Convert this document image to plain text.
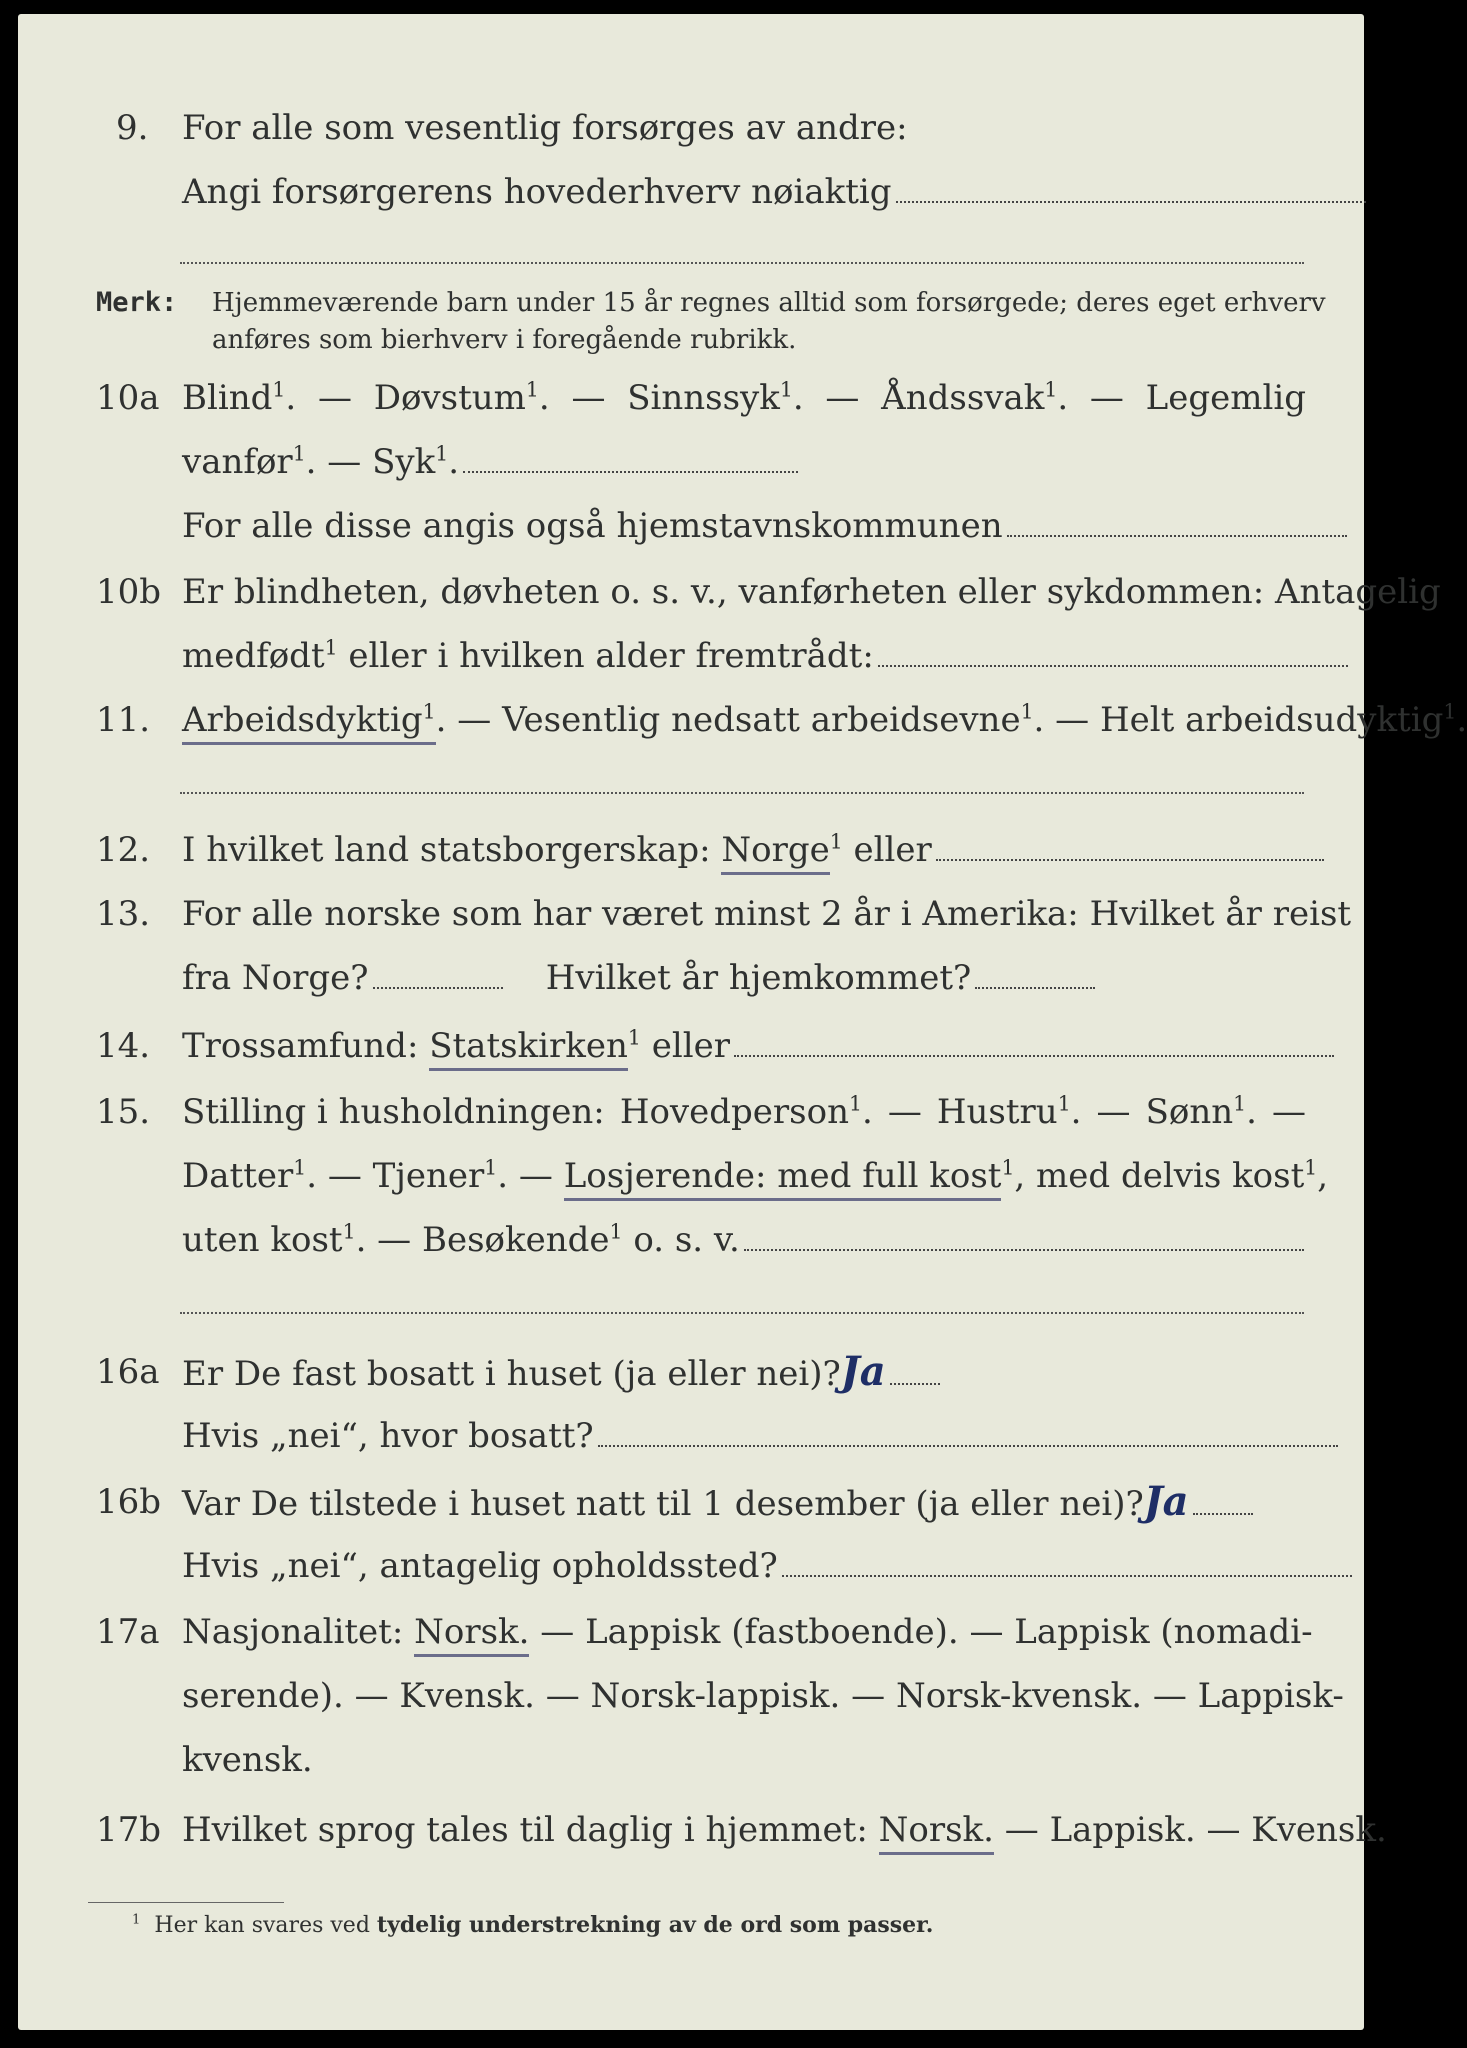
9. For alle som vesentlig forsørges av andre:
Angi forsørgerens hovederhverv nøiaktig
Merk: Hjemmeværende barn under 15 år regnes alltid som forsørgede; deres eget erhverv
anføres som bierhverv i foregående rubrikk.
10a Blind$^1$. — Døvstum$^1$. — Sinnssyk$^1$. — Åndssvak$^1$. — Legemlig
vanfør$^1$. — Syk$^1$.
For alle disse angis også hjemstavnskommunen
10b Er blindheten, døvheten o. s. v., vanførheten eller sykdommen: Antagelig
medfødt$^1$ eller i hvilken alder fremtrådt:
11. Arbeidsdyktig$^1$. — Vesentlig nedsatt arbeidsevne$^1$. — Helt arbeidsudyktig$^1$.
12. I hvilket land statsborgerskap: Norge$^1$ eller
13. For alle norske som har været minst 2 år i Amerika: Hvilket år reist
fra Norge?	Hvilket år hjemkommet?
14. Trossamfund: Statskirken$^1$ eller
15. Stilling i husholdningen: Hovedperson$^1$. — Hustru$^1$. — Sønn$^1$. —
Datter$^1$. — Tjener$^1$. — Losjerende: med full kost$^1$, med delvis kost$^1$,
uten kost$^1$. — Besøkende$^1$ o. s. v.
16a Er De fast bosatt i huset (ja eller nei)?Ja
Hvis „nei“, hvor bosatt?
16b Var De tilstede i huset natt til 1 desember (ja eller nei)?Ja
Hvis „nei“, antagelig opholdssted?
17a Nasjonalitet: Norsk. — Lappisk (fastboende). — Lappisk (nomadi-
serende). — Kvensk. — Norsk-lappisk. — Norsk-kvensk. — Lappisk-
kvensk.
17b Hvilket sprog tales til daglig i hjemmet: Norsk. — Lappisk. — Kvensk.
$^1$ Her kan svares ved tydelig understrekning av de ord som passer.
